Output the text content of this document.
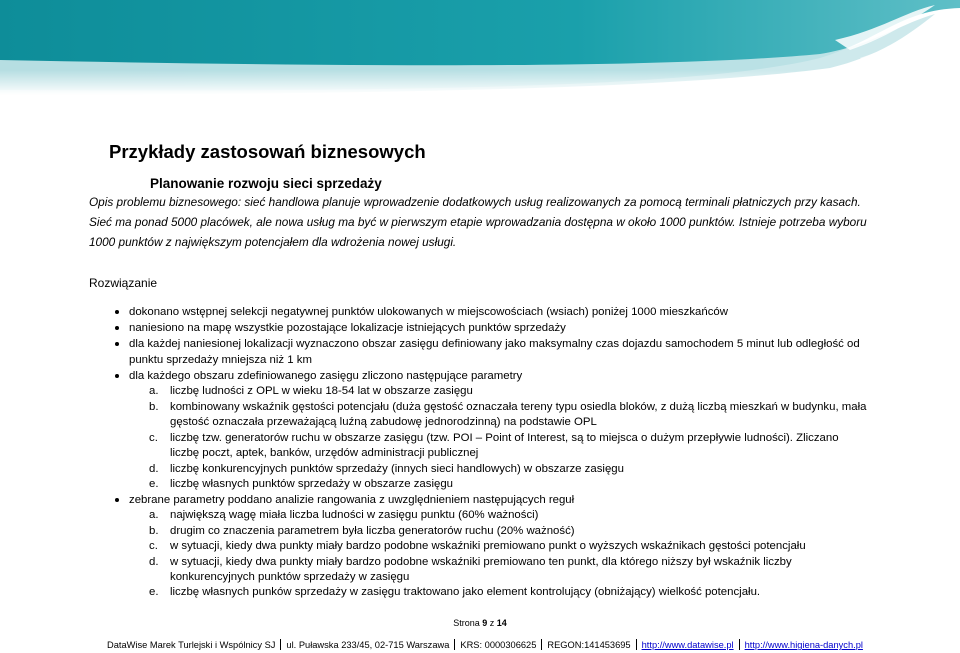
Przykłady zastosowań biznesowych
Planowanie rozwoju sieci sprzedaży

Opis problemu biznesowego: sieć handlowa planuje wprowadzenie dodatkowych usług realizowanych za pomocą terminali płatniczych przy kasach. Sieć ma ponad 5000 placówek, ale nowa usług ma być w pierwszym etapie wprowadzania dostępna w około 1000 punktów. Istnieje potrzeba wyboru 1000 punktów z największym potencjałem dla wdrożenia nowej usługi.

Rozwiązanie

dokonano wstępnej selekcji negatywnej punktów ulokowanych w miejscowościach (wsiach) poniżej 1000 mieszkańców
naniesiono na mapę wszystkie pozostające lokalizacje istniejących punktów sprzedaży
dla każdej naniesionej lokalizacji wyznaczono obszar zasięgu definiowany jako maksymalny czas dojazdu samochodem 5 minut lub odległość od punktu sprzedaży mniejsza niż 1 km
dla każdego obszaru zdefiniowanego zasięgu zliczono następujące parametry
a. liczbę ludności z OPL w wieku 18-54 lat w obszarze zasięgu
b. kombinowany wskaźnik gęstości potencjału (duża gęstość oznaczała tereny typu osiedla bloków, z dużą liczbą mieszkań w budynku, mała gęstość oznaczała przeważającą luźną zabudowę jednorodzinną) na podstawie OPL
c. liczbę tzw. generatorów ruchu w obszarze zasięgu (tzw. POI – Point of Interest, są to miejsca o dużym przepływie ludności). Zliczano liczbę poczt, aptek, banków, urzędów administracji publicznej
d. liczbę konkurencyjnych punktów sprzedaży (innych sieci handlowych) w obszarze zasięgu
e. liczbę własnych punktów sprzedaży w obszarze zasięgu
zebrane parametry poddano analizie rangowania z uwzględnieniem następujących reguł
a. największą wagę miała liczba ludności w zasięgu punktu (60% ważności)
b. drugim co znaczenia parametrem była liczba generatorów ruchu (20% ważność)
c. w sytuacji, kiedy dwa punkty miały bardzo podobne wskaźniki premiowano punkt o wyższych wskaźnikach gęstości potencjału
d. w sytuacji, kiedy dwa punkty miały bardzo podobne wskaźniki premiowano ten punkt, dla którego niższy był wskaźnik liczby konkurencyjnych punktów sprzedaży w zasięgu
e. liczbę własnych punków sprzedaży w zasięgu traktowano jako element kontrolujący (obniżający) wielkość potencjału.
Strona 9 z 14
DataWise Marek Turlejski i Wspólnicy SJ ul. Puławska 233/45, 02-715 Warszawa KRS: 0000306625 REGON:141453695 http://www.datawise.pl http://www.higiena-danych.pl
